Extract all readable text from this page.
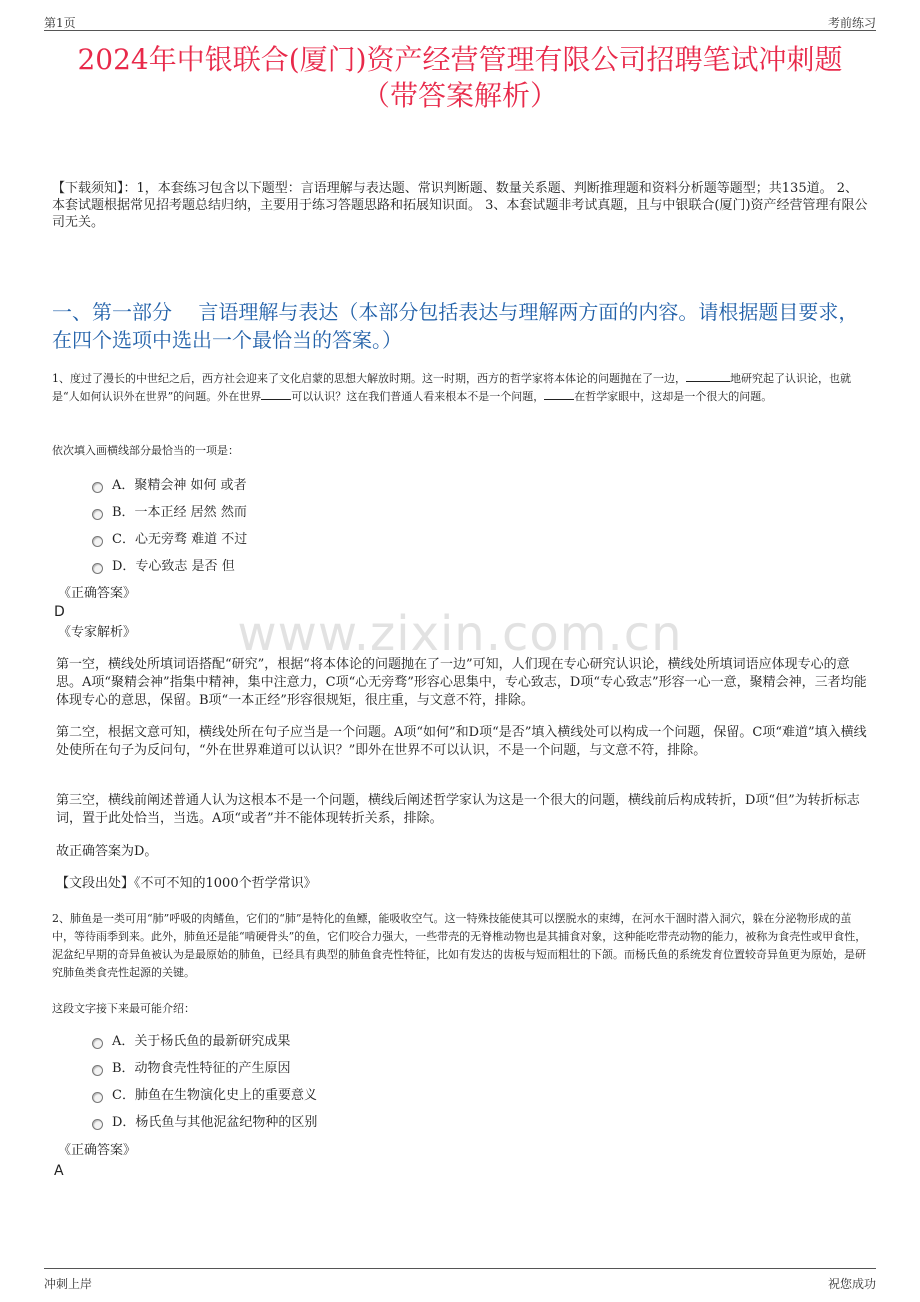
第1页	考前练习
2024年中银联合(厦门)资产经营管理有限公司招聘笔试冲刺题
（带答案解析）
【下载须知】：1，本套练习包含以下题型：言语理解与表达题、常识判断题、数量关系题、判断推理题和资料分析题等题型；共135道。 2、本套试题根据常见招考题总结归纳，主要用于练习答题思路和拓展知识面。 3、本套试题非考试真题，且与中银联合(厦门)资产经营管理有限公司无关。
一、第一部分　 言语理解与表达（本部分包括表达与理解两方面的内容。请根据题目要求，在四个选项中选出一个最恰当的答案。）
1、度过了漫长的中世纪之后，西方社会迎来了文化启蒙的思想大解放时期。这一时期，西方的哲学家将本体论的问题抛在了一边，	地研究起了认识论，也就是“人如何认识外在世界”的问题。外在世界	可以认识？这在我们普通人看来根本不是一个问题，	在哲学家眼中，这却是一个很大的问题。
依次填入画横线部分最恰当的一项是：
A．聚精会神 如何 或者
B．一本正经 居然 然而
C．心无旁骛 难道 不过
D．专心致志 是否 但
《正确答案》
D
《专家解析》	www.zixin.com.cn
第一空，横线处所填词语搭配“研究”，根据“将本体论的问题抛在了一边”可知，人们现在专心研究认识论，横线处所填词语应体现专心的意思。A项“聚精会神”指集中精神，集中注意力，C项“心无旁骛”形容心思集中，专心致志，D项“专心致志”形容一心一意，聚精会神，三者均能体现专心的意思，保留。B项“一本正经”形容很规矩，很庄重，与文意不符，排除。
第二空，根据文意可知，横线处所在句子应当是一个问题。A项“如何”和D项“是否”填入横线处可以构成一个问题，保留。C项“难道”填入横线处使所在句子为反问句，“外在世界难道可以认识？”即外在世界不可以认识，不是一个问题，与文意不符，排除。
第三空，横线前阐述普通人认为这根本不是一个问题，横线后阐述哲学家认为这是一个很大的问题，横线前后构成转折，D项“但”为转折标志词，置于此处恰当，当选。A项“或者”并不能体现转折关系，排除。
故正确答案为D。
【文段出处】《不可不知的1000个哲学常识》
2、肺鱼是一类可用“肺”呼吸的肉鳍鱼，它们的“肺”是特化的鱼鳔，能吸收空气。这一特殊技能使其可以摆脱水的束缚，在河水干涸时潜入洞穴，躲在分泌物形成的茧中，等待雨季到来。此外，肺鱼还是能“啃硬骨头”的鱼，它们咬合力强大，一些带壳的无脊椎动物也是其捕食对象，这种能吃带壳动物的能力，被称为食壳性或甲食性，泥盆纪早期的奇异鱼被认为是最原始的肺鱼，已经具有典型的肺鱼食壳性特征，比如有发达的齿板与短而粗壮的下颌。而杨氏鱼的系统发育位置较奇异鱼更为原始，是研究肺鱼类食壳性起源的关键。
这段文字接下来最可能介绍：
A．关于杨氏鱼的最新研究成果
B．动物食壳性特征的产生原因
C．肺鱼在生物演化史上的重要意义
D．杨氏鱼与其他泥盆纪物种的区别
《正确答案》
A
冲刺上岸	祝您成功
